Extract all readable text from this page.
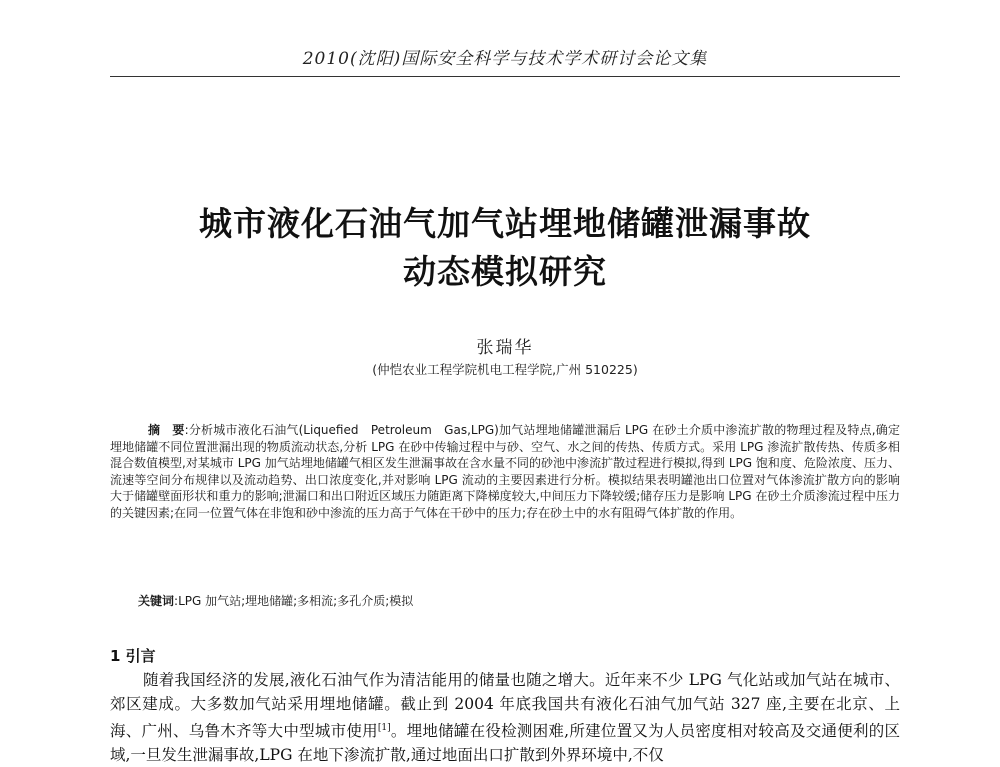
2010(沈阳)国际安全科学与技术学术研讨会论文集
城市液化石油气加气站埋地储罐泄漏事故
动态模拟研究
张瑞华
(仲恺农业工程学院机电工程学院,广州 510225)
摘　要:分析城市液化石油气(Liquefied　Petroleum　Gas,LPG)加气站埋地储罐泄漏后 LPG 在砂土介质中渗流扩散的物理过程及特点,确定埋地储罐不同位置泄漏出现的物质流动状态,分析 LPG 在砂中传输过程中与砂、空气、水之间的传热、传质方式。采用 LPG 渗流扩散传热、传质多相混合数值模型,对某城市 LPG 加气站埋地储罐气相区发生泄漏事故在含水量不同的砂池中渗流扩散过程进行模拟,得到 LPG 饱和度、危险浓度、压力、流速等空间分布规律以及流动趋势、出口浓度变化,并对影响 LPG 流动的主要因素进行分析。模拟结果表明罐池出口位置对气体渗流扩散方向的影响大于储罐壁面形状和重力的影响;泄漏口和出口附近区域压力随距离下降梯度较大,中间压力下降较缓;储存压力是影响 LPG 在砂土介质渗流过程中压力的关键因素;在同一位置气体在非饱和砂中渗流的压力高于气体在干砂中的压力;存在砂土中的水有阻碍气体扩散的作用。
关键词:LPG 加气站;埋地储罐;多相流;多孔介质;模拟
1 引言
随着我国经济的发展,液化石油气作为清洁能用的储量也随之增大。近年来不少 LPG 气化站或加气站在城市、郊区建成。大多数加气站采用埋地储罐。截止到 2004 年底我国共有液化石油气加气站 327 座,主要在北京、上海、广州、乌鲁木齐等大中型城市使用[1]。埋地储罐在役检测困难,所建位置又为人员密度相对较高及交通便利的区域,一旦发生泄漏事故,LPG 在地下渗流扩散,通过地面出口扩散到外界环境中,不仅
